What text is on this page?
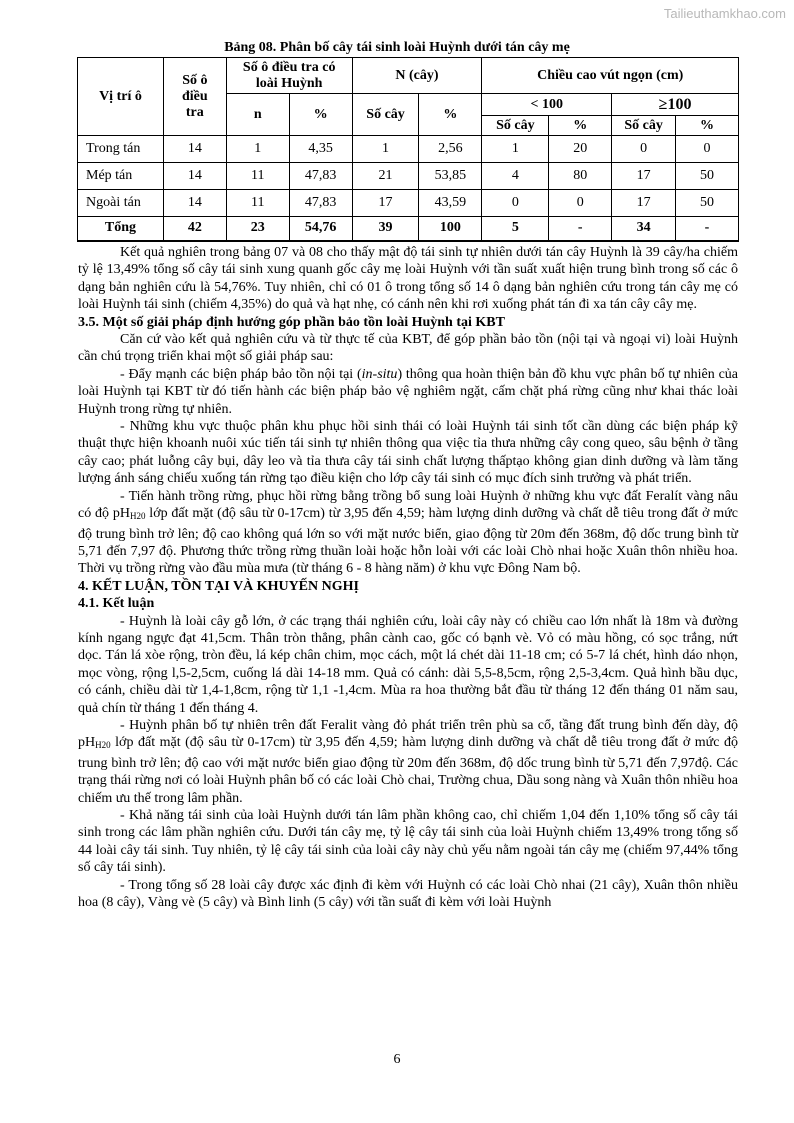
Tailieuthamkhao.com
Bảng 08. Phân bố cây tái sinh loài Huỳnh dưới tán cây mẹ
Vị trí ô	Số ô
điều
tra	Số ô điều tra có
loài Huỳnh		N (cây)		Chiều cao vút ngọn (cm)			
		n	%	Số cây	%	< 100		≥100	
						Số cây	%	Số cây	%
Trong tán	14	1	4,35	1	2,56	1	20	0	0
Mép tán	14	11	47,83	21	53,85	4	80	17	50
Ngoài tán	14	11	47,83	17	43,59	0	0	17	50
Tổng	42	23	54,76	39	100	5	-	34	-

Kết quả nghiên trong bảng 07 và 08 cho thấy mật độ tái sinh tự nhiên dưới tán cây Huỳnh là 39 cây/ha chiếm tỷ lệ 13,49% tổng số cây tái sinh xung quanh gốc cây mẹ loài Huỳnh với tần suất xuất hiện trung bình trong số các ô dạng bản nghiên cứu là 54,76%. Tuy nhiên, chỉ có 01 ô trong tổng số 14 ô dạng bản nghiên cứu trong tán cây mẹ có loài Huỳnh tái sinh (chiếm 4,35%) do quả và hạt nhẹ, có cánh nên khi rơi xuống phát tán đi xa tán cây cây mẹ.

3.5. Một số giải pháp định hướng góp phần bảo tồn loài Huỳnh tại KBT

Căn cứ vào kết quả nghiên cứu và từ thực tế của KBT, để góp phần bảo tồn (nội tại và ngoại vi) loài Huỳnh cần chú trọng triển khai một số giải pháp sau:

- Đẩy mạnh các biện pháp bảo tồn nội tại (in-situ) thông qua hoàn thiện bản đồ khu vực phân bố tự nhiên của loài Huỳnh tại KBT từ đó tiến hành các biện pháp bảo vệ nghiêm ngặt, cấm chặt phá rừng cũng như khai thác loài Huỳnh trong rừng tự nhiên.

- Những khu vực thuộc phân khu phục hồi sinh thái có loài Huỳnh tái sinh tốt cần dùng các biện pháp kỹ thuật thực hiện khoanh nuôi xúc tiến tái sinh tự nhiên thông qua việc tỉa thưa những cây cong queo, sâu bệnh ở tầng cây cao; phát luỗng cây bụi, dây leo và tỉa thưa cây tái sinh chất lượng thấptạo không gian dinh dưỡng và làm tăng lượng ánh sáng chiếu xuống tán rừng tạo điều kiện cho lớp cây tái sinh có mục đích sinh trưởng và phát triển.

- Tiến hành trồng rừng, phục hồi rừng bằng trồng bổ sung loài Huỳnh ở những khu vực đất Feralít vàng nâu có độ $pH_{H20}$ lớp đất mặt (độ sâu từ 0-17cm) từ 3,95 đến 4,59; hàm lượng dinh dưỡng và chất dễ tiêu trong đất ở mức độ trung bình trở lên; độ cao không quá lớn so với mặt nước biển, giao động từ 20m đến 368m, độ dốc trung bình từ 5,71 đến 7,97 độ. Phương thức trồng rừng thuần loài hoặc hỗn loài với các loài Chò nhai hoặc Xuân thôn nhiều hoa. Thời vụ trồng rừng vào đầu mùa mưa (từ tháng 6 - 8 hàng năm) ở khu vực Đông Nam bộ.

4. KẾT LUẬN, TỒN TẠI VÀ KHUYẾN NGHỊ
4.1. Kết luận

- Huỳnh là loài cây gỗ lớn, ở các trạng thái nghiên cứu, loài cây này có chiều cao lớn nhất là 18m và đường kính ngang ngực đạt 41,5cm. Thân tròn thẳng, phân cành cao, gốc có bạnh vè. Vỏ có màu hồng, có sọc trắng, nứt dọc. Tán lá xòe rộng, tròn đều, lá kép chân chim, mọc cách, một lá chét dài 11-18 cm; có 5-7 lá chét, hình dáo nhọn, mọc vòng, rộng l,5-2,5cm, cuống lá dài 14-18 mm. Quả có cánh: dài 5,5-8,5cm, rộng 2,5-3,4cm. Quả hình bầu dục, có cánh, chiều dài từ 1,4-1,8cm, rộng từ 1,1 -1,4cm. Mùa ra hoa thường bắt đầu từ tháng 12 đến tháng 01 năm sau, quả chín từ tháng 1 đến tháng 4.

- Huỳnh phân bố tự nhiên trên đất Feralit vàng đỏ phát triển trên phù sa cổ, tầng đất trung bình đến dày, độ $pH_{H20}$ lớp đất mặt (độ sâu từ 0-17cm) từ 3,95 đến 4,59; hàm lượng dinh dưỡng và chất dễ tiêu trong đất ở mức độ trung bình trở lên; độ cao với mặt nước biển giao động từ 20m đến 368m, độ dốc trung bình từ 5,71 đến 7,97độ. Các trạng thái rừng nơi có loài Huỳnh phân bố có các loài Chò chai, Trường chua, Dầu song nàng và Xuân thôn nhiều hoa chiếm ưu thế trong lâm phần.

- Khả năng tái sinh của loài Huỳnh dưới tán lâm phần không cao, chỉ chiếm 1,04 đến 1,10% tổng số cây tái sinh trong các lâm phần nghiên cứu. Dưới tán cây mẹ, tỷ lệ cây tái sinh của loài Huỳnh chiếm 13,49% trong tổng số 44 loài cây tái sinh. Tuy nhiên, tỷ lệ cây tái sinh của loài cây này chủ yếu nằm ngoài tán cây mẹ (chiếm 97,44% tổng số cây tái sinh).

- Trong tổng số 28 loài cây được xác định đi kèm với Huỳnh có các loài Chò nhai (21 cây), Xuân thôn nhiều hoa (8 cây), Vàng vè (5 cây) và Bình linh (5 cây) với tần suất đi kèm với loài Huỳnh

6
